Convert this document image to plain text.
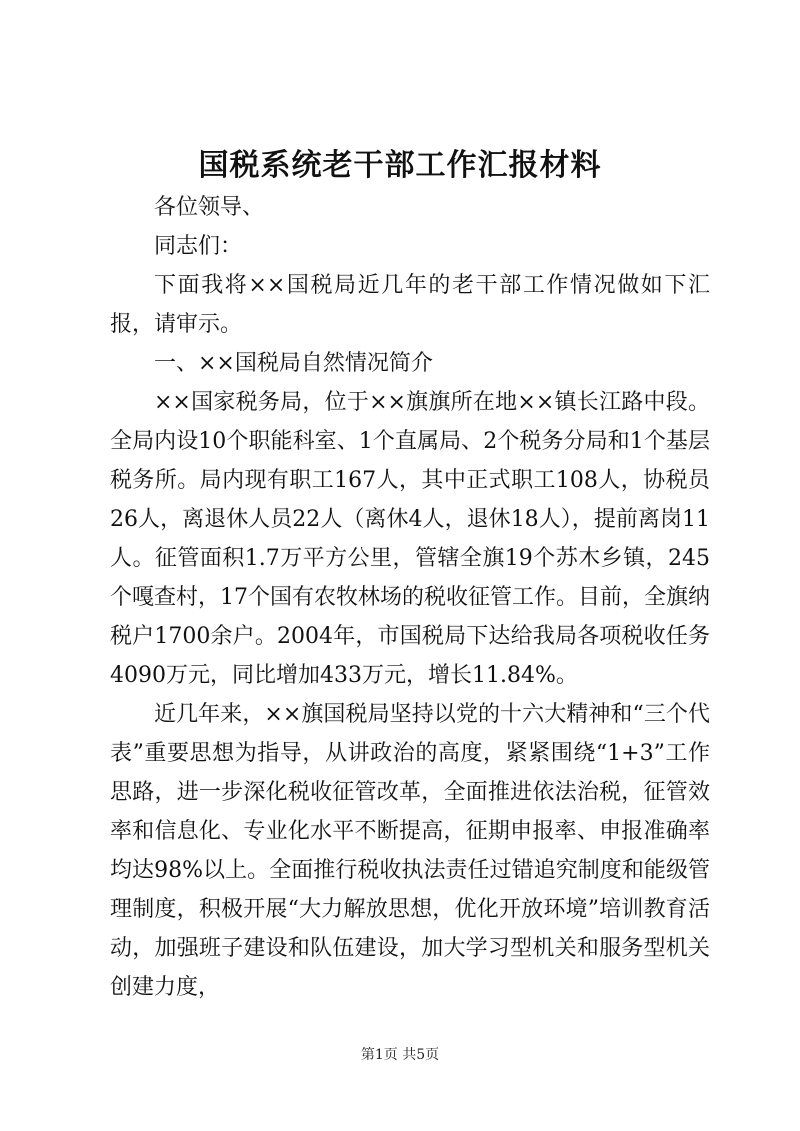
国税系统老干部工作汇报材料

各位领导、

同志们：

下面我将××国税局近几年的老干部工作情况做如下汇报，请审示。

一、××国税局自然情况简介

××国家税务局，位于××旗旗所在地××镇长江路中段。全局内设10个职能科室、1个直属局、2个税务分局和1个基层税务所。局内现有职工167人，其中正式职工108人，协税员26人，离退休人员22人（离休4人，退休18人），提前离岗11人。征管面积1.7万平方公里，管辖全旗19个苏木乡镇，245个嘎查村，17个国有农牧林场的税收征管工作。目前，全旗纳税户1700余户。2004年，市国税局下达给我局各项税收任务4090万元，同比增加433万元，增长11.84%。

近几年来，××旗国税局坚持以党的十六大精神和“三个代表”重要思想为指导，从讲政治的高度，紧紧围绕“1+3”工作思路，进一步深化税收征管改革，全面推进依法治税，征管效率和信息化、专业化水平不断提高，征期申报率、申报准确率均达98%以上。全面推行税收执法责任过错追究制度和能级管理制度，积极开展“大力解放思想，优化开放环境”培训教育活动，加强班子建设和队伍建设，加大学习型机关和服务型机关创建力度，

第1页 共5页
